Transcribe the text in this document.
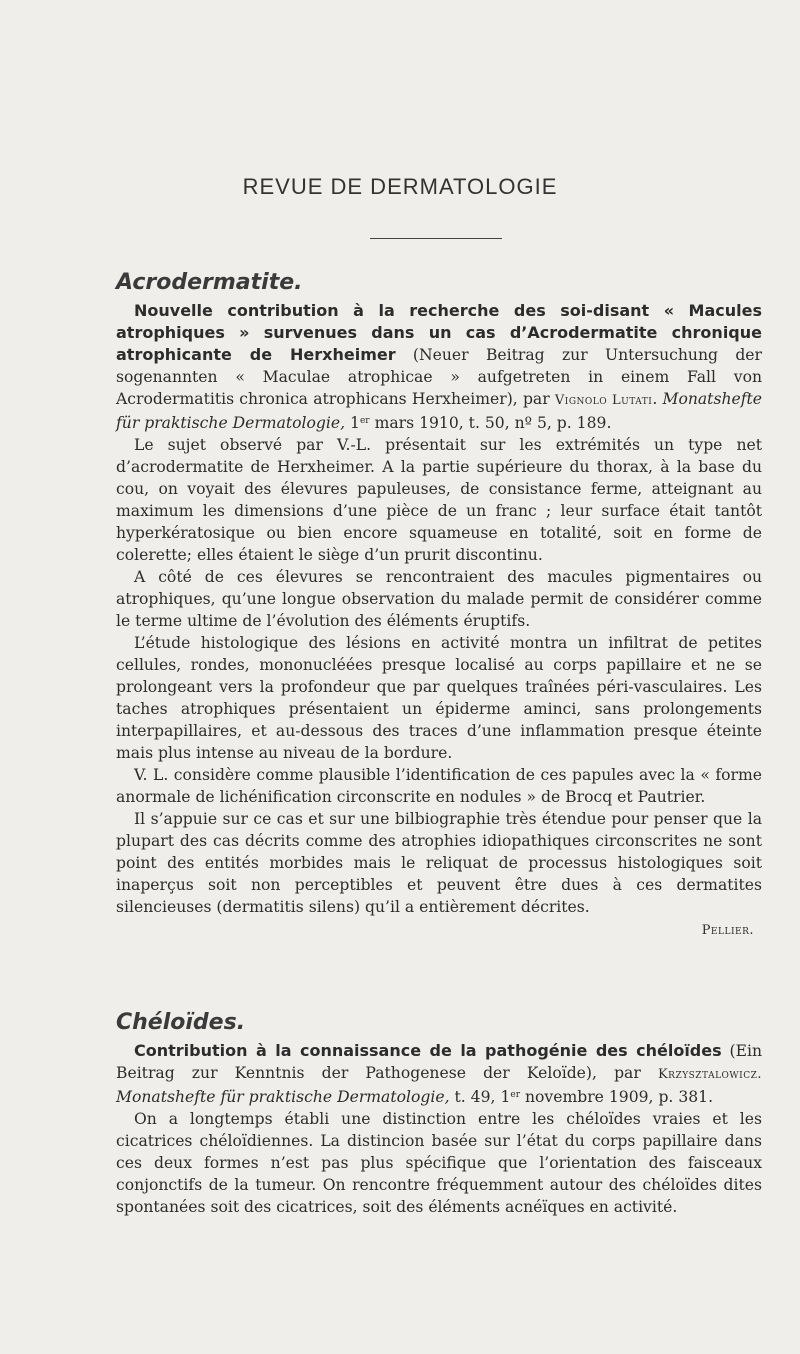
REVUE DE DERMATOLOGIE
Acrodermatite.

Nouvelle contribution à la recherche des soi-disant « Macules atrophiques » survenues dans un cas d’Acrodermatite chronique atrophicante de Herxheimer (Neuer Beitrag zur Untersuchung der sogenannten « Maculae atrophicae » aufgetreten in einem Fall von Acrodermatitis chronica atrophicans Herxheimer), par Vignolo Lutati. Monatshefte für praktische Dermatologie, 1er mars 1910, t. 50, nº 5, p. 189.

Le sujet observé par V.-L. présentait sur les extrémités un type net d’acrodermatite de Herxheimer. A la partie supérieure du thorax, à la base du cou, on voyait des élevures papuleuses, de consistance ferme, atteignant au maximum les dimensions d’une pièce de un franc ; leur surface était tantôt hyperkératosique ou bien encore squameuse en totalité, soit en forme de colerette; elles étaient le siège d’un prurit discontinu.

A côté de ces élevures se rencontraient des macules pigmentaires ou atrophiques, qu’une longue observation du malade permit de considérer comme le terme ultime de l’évolution des éléments éruptifs.

L’étude histologique des lésions en activité montra un infiltrat de petites cellules, rondes, mononucléées presque localisé au corps papillaire et ne se prolongeant vers la profondeur que par quelques traînées péri-vasculaires. Les taches atrophiques présentaient un épiderme aminci, sans prolongements interpapillaires, et au-dessous des traces d’une inflammation presque éteinte mais plus intense au niveau de la bordure.

V. L. considère comme plausible l’identification de ces papules avec la « forme anormale de lichénification circonscrite en nodules » de Brocq et Pautrier.

Il s’appuie sur ce cas et sur une bilbiographie très étendue pour penser que la plupart des cas décrits comme des atrophies idiopathiques circonscrites ne sont point des entités morbides mais le reliquat de processus histologiques soit inaperçus soit non perceptibles et peuvent être dues à ces dermatites silencieuses (dermatitis silens) qu’il a entièrement décrites.

Pellier.

Chéloïdes.

Contribution à la connaissance de la pathogénie des chéloïdes (Ein Beitrag zur Kenntnis der Pathogenese der Keloïde), par Krzysztalowicz. Monatshefte für praktische Dermatologie, t. 49, 1er novembre 1909, p. 381.

On a longtemps établi une distinction entre les chéloïdes vraies et les cicatrices chéloïdiennes. La distincion basée sur l’état du corps papillaire dans ces deux formes n’est pas plus spécifique que l’orientation des faisceaux conjonctifs de la tumeur. On rencontre fréquemment autour des chéloïdes dites spontanées soit des cicatrices, soit des éléments acnéïques en activité.
